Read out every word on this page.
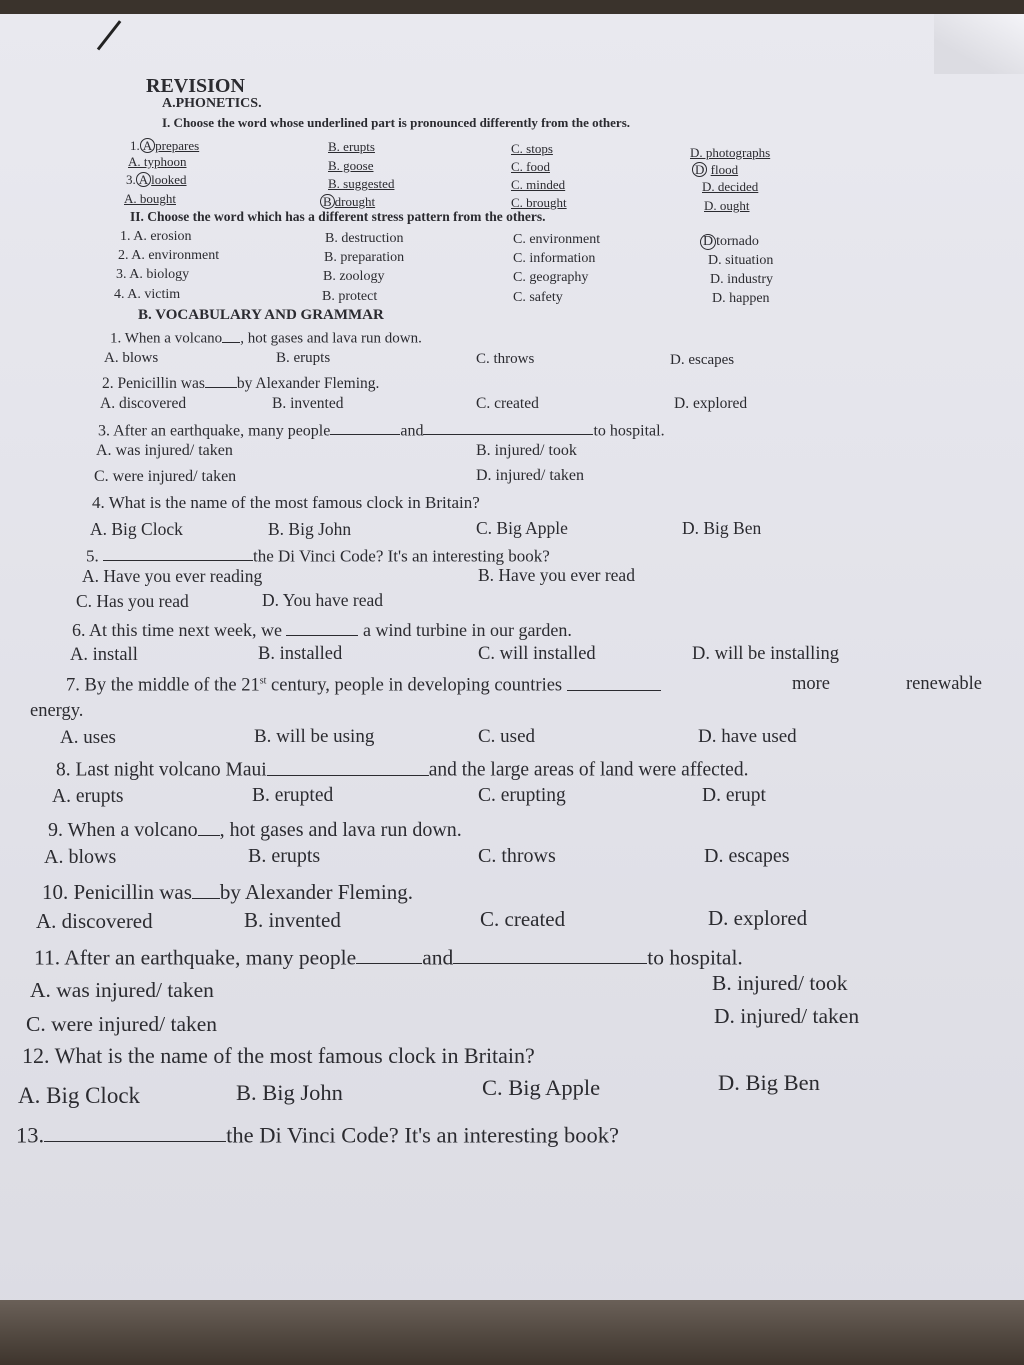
REVISION
A.PHONETICS.
I. Choose the word whose underlined part is pronounced differently from the others.
1. A prepares	B. erupts	C. stops	D. photographs
A. typhoon	B. goose	C. food	D flood
3. A looked	B. suggested	C. minded	D. decided
A. bought	B drought	C. brought	D. ought
II. Choose the word which has a different stress pattern from the others.
1. A. erosion	B. destruction	C. environment	D tornado
2. A. environment	B. preparation	C. information	D. situation
3. A. biology	B. zoology	C. geography	D. industry
4. A. victim	B. protect	C. safety	D. happen
B. VOCABULARY AND GRAMMAR
1. When a volcano , hot gases and lava run down.
A. blows	B. erupts	C. throws	D. escapes
2. Penicillin was by Alexander Fleming.
A. discovered	B. invented	C. created	D. explored
3. After an earthquake, many people	and	to hospital.
A. was injured/ taken	B. injured/ took
C. were injured/ taken	D. injured/ taken
4. What is the name of the most famous clock in Britain?
A. Big Clock	B. Big John	C. Big Apple	D. Big Ben
5.	the Di Vinci Code? It's an interesting book?
A. Have you ever reading	B. Have you ever read
C. Has you read	D. You have read
6. At this time next week, we	a wind turbine in our garden.
A. install	B. installed	C. will installed	D. will be installing
7. By the middle of the 21st century, people in developing countries	more	renewable
energy.
A. uses	B. will be using	C. used	D. have used
8. Last night volcano Maui	and the large areas of land were affected.
A. erupts	B. erupted	C. erupting	D. erupt
9. When a volcano , hot gases and lava run down.
A. blows	B. erupts	C. throws	D. escapes
10. Penicillin was by Alexander Fleming.
A. discovered	B. invented	C. created	D. explored
11. After an earthquake, many people	and	to hospital.
A. was injured/ taken	B. injured/ took
C. were injured/ taken	D. injured/ taken
12. What is the name of the most famous clock in Britain?
A. Big Clock	B. Big John	C. Big Apple	D. Big Ben
13.	the Di Vinci Code? It's an interesting book?
